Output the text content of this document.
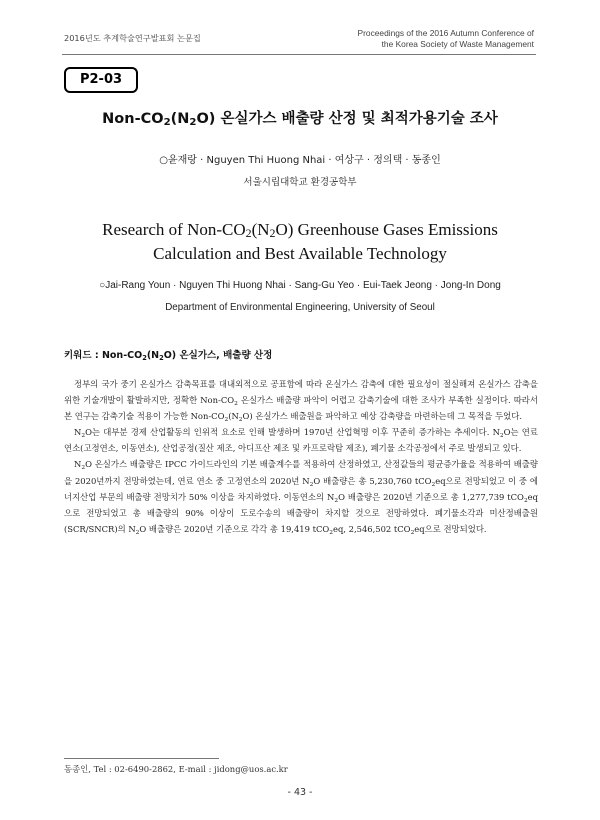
2016년도 추계학술연구발표회 논문집	Proceedings of the 2016 Autumn Conference of
the Korea Society of Waste Management
P2-03
Non-$CO_2(N_2O)$ 온실가스 배출량 산정 및 최적가용기술 조사
○윤재랑 · Nguyen Thi Huong Nhai · 여상구 · 정의택 · 동종인
서울시립대학교 환경공학부
Research of Non-$CO_2(N_2O)$ Greenhouse Gases Emissions
Calculation and Best Available Technology
○Jai-Rang Youn · Nguyen Thi Huong Nhai · Sang-Gu Yeo · Eui-Taek Jeong · Jong-In Dong
Department of Environmental Engineering, University of Seoul
키워드 : Non-$CO_2(N_2O)$ 온실가스, 배출량 산정

정부의 국가 중기 온실가스 감축목표를 대내외적으로 공표함에 따라 온실가스 감축에 대한 필요성이 절실해져 온실가스 감축을 위한 기술개발이 활발하지만, 정확한 Non-$CO_2$ 온실가스 배출량 파악이 어렵고 감축기술에 대한 조사가 부족한 실정이다. 따라서 본 연구는 감축기술 적용이 가능한 Non-$CO_2(N_2O)$ 온실가스 배출원을 파악하고 예상 감축량을 마련하는데 그 목적을 두었다.

$N_2O$는 대부분 경제 산업활동의 인위적 요소로 인해 발생하며 1970년 산업혁명 이후 꾸준히 증가하는 추세이다. $N_2O$는 연료 연소(고정연소, 이동연소), 산업공정(질산 제조, 아디프산 제조 및 카프로락탐 제조), 폐기물 소각공정에서 주로 발생되고 있다.

$N_2O$ 온실가스 배출량은 IPCC 가이드라인의 기본 배출계수를 적용하여 산정하였고, 산정값들의 평균증가율을 적용하여 배출량을 2020년까지 전망하였는데, 연료 연소 중 고정연소의 2020년 $N_2O$ 배출량은 총 5,230,760 tCO$_2$eq으로 전망되었고 이 중 에너지산업 부문의 배출량 전망치가 50% 이상을 차지하였다. 이동연소의 $N_2O$ 배출량은 2020년 기준으로 총 1,277,739 tCO$_2$eq으로 전망되었고 총 배출량의 90% 이상이 도로수송의 배출량이 차지할 것으로 전망하였다. 폐기물소각과 미산정배출원(SCR/SNCR)의 $N_2O$ 배출량은 2020년 기준으로 각각 총 19,419 tCO$_2$eq, 2,546,502 tCO$_2$eq으로 전망되었다.

동종인, Tel : 02-6490-2862, E-mail : jidong@uos.ac.kr
- 43 -
